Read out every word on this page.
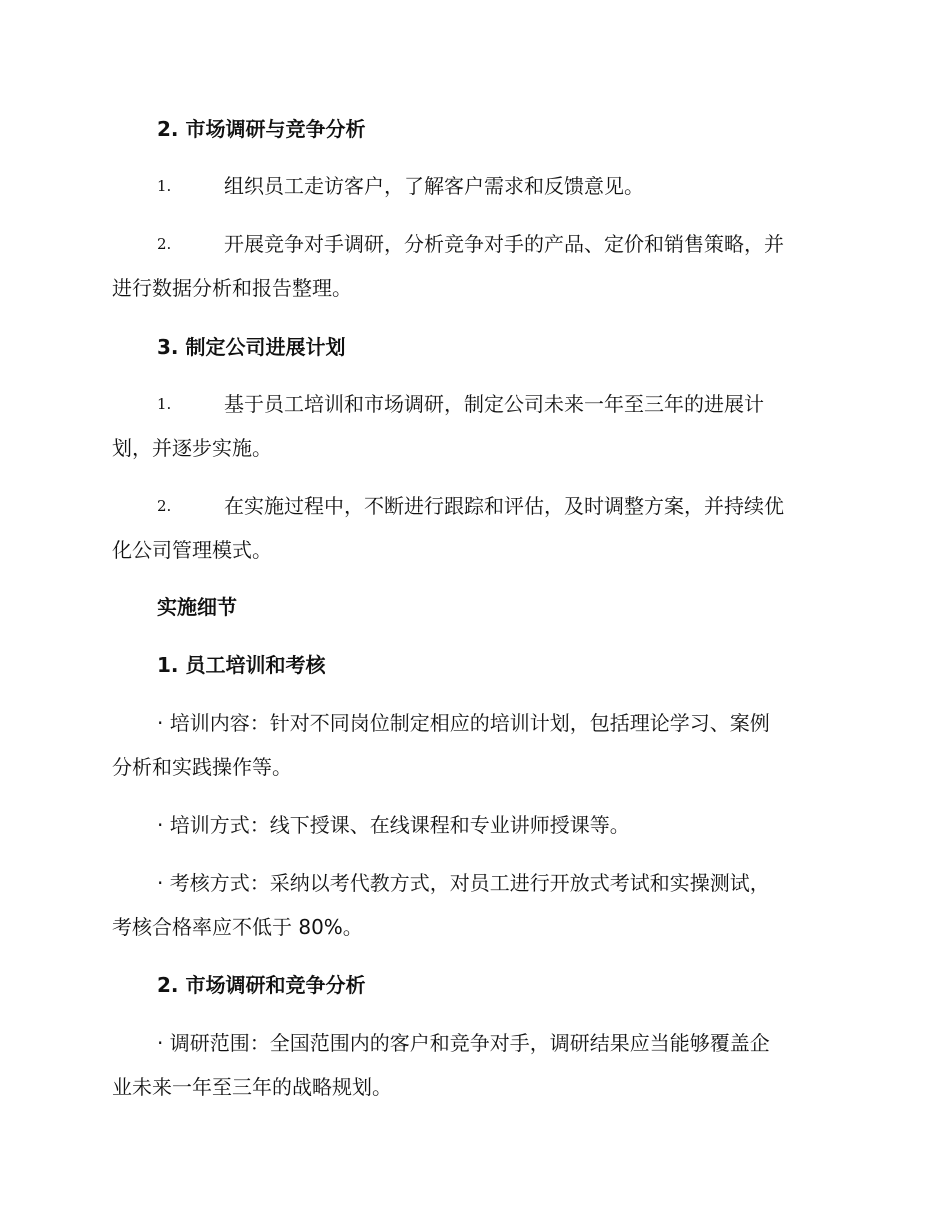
2. 市场调研与竞争分析
1.	组织员工走访客户，了解客户需求和反馈意见。
2.	开展竞争对手调研，分析竞争对手的产品、定价和销售策略，并
进行数据分析和报告整理。
3. 制定公司进展计划
1.	基于员工培训和市场调研，制定公司未来一年至三年的进展计
划，并逐步实施。
2.	在实施过程中，不断进行跟踪和评估，及时调整方案，并持续优
化公司管理模式。
实施细节
1. 员工培训和考核
· 培训内容：针对不同岗位制定相应的培训计划，包括理论学习、案例
分析和实践操作等。
· 培训方式：线下授课、在线课程和专业讲师授课等。
· 考核方式：采纳以考代教方式，对员工进行开放式考试和实操测试，
考核合格率应不低于 80%。
2. 市场调研和竞争分析
· 调研范围：全国范围内的客户和竞争对手，调研结果应当能够覆盖企
业未来一年至三年的战略规划。
